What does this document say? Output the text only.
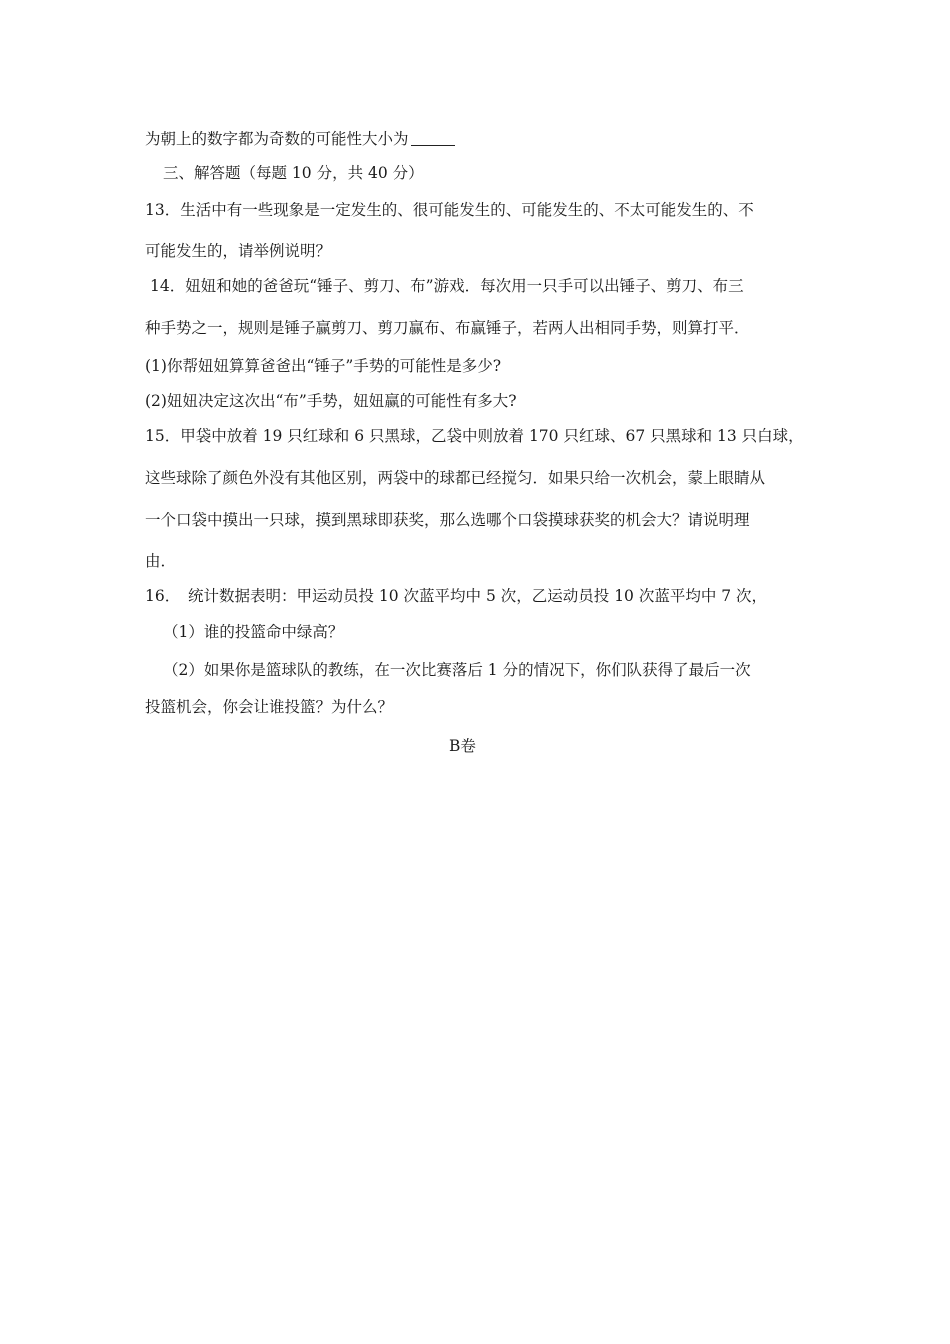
为朝上的数字都为奇数的可能性大小为
三、解答题（每题 10 分，共 40 分）
13．生活中有一些现象是一定发生的、很可能发生的、可能发生的、不太可能发生的、不
可能发生的，请举例说明？
14．妞妞和她的爸爸玩“锤子、剪刀、布”游戏．每次用一只手可以出锤子、剪刀、布三
种手势之一，规则是锤子赢剪刀、剪刀赢布、布赢锤子，若两人出相同手势，则算打平．
(1)你帮妞妞算算爸爸出“锤子”手势的可能性是多少?
(2)妞妞决定这次出“布”手势，妞妞赢的可能性有多大?
15．甲袋中放着 19 只红球和 6 只黑球，乙袋中则放着 170 只红球、67 只黑球和 13 只白球，
这些球除了颜色外没有其他区别，两袋中的球都已经搅匀．如果只给一次机会，蒙上眼睛从
一个口袋中摸出一只球，摸到黑球即获奖，那么选哪个口袋摸球获奖的机会大？请说明理
由．
16．　统计数据表明：甲运动员投 10 次蓝平均中 5 次，乙运动员投 10 次蓝平均中 7 次，
（1）谁的投篮命中绿高？
（2）如果你是篮球队的教练，在一次比赛落后 1 分的情况下，你们队获得了最后一次
投篮机会，你会让谁投篮？为什么？
B卷
